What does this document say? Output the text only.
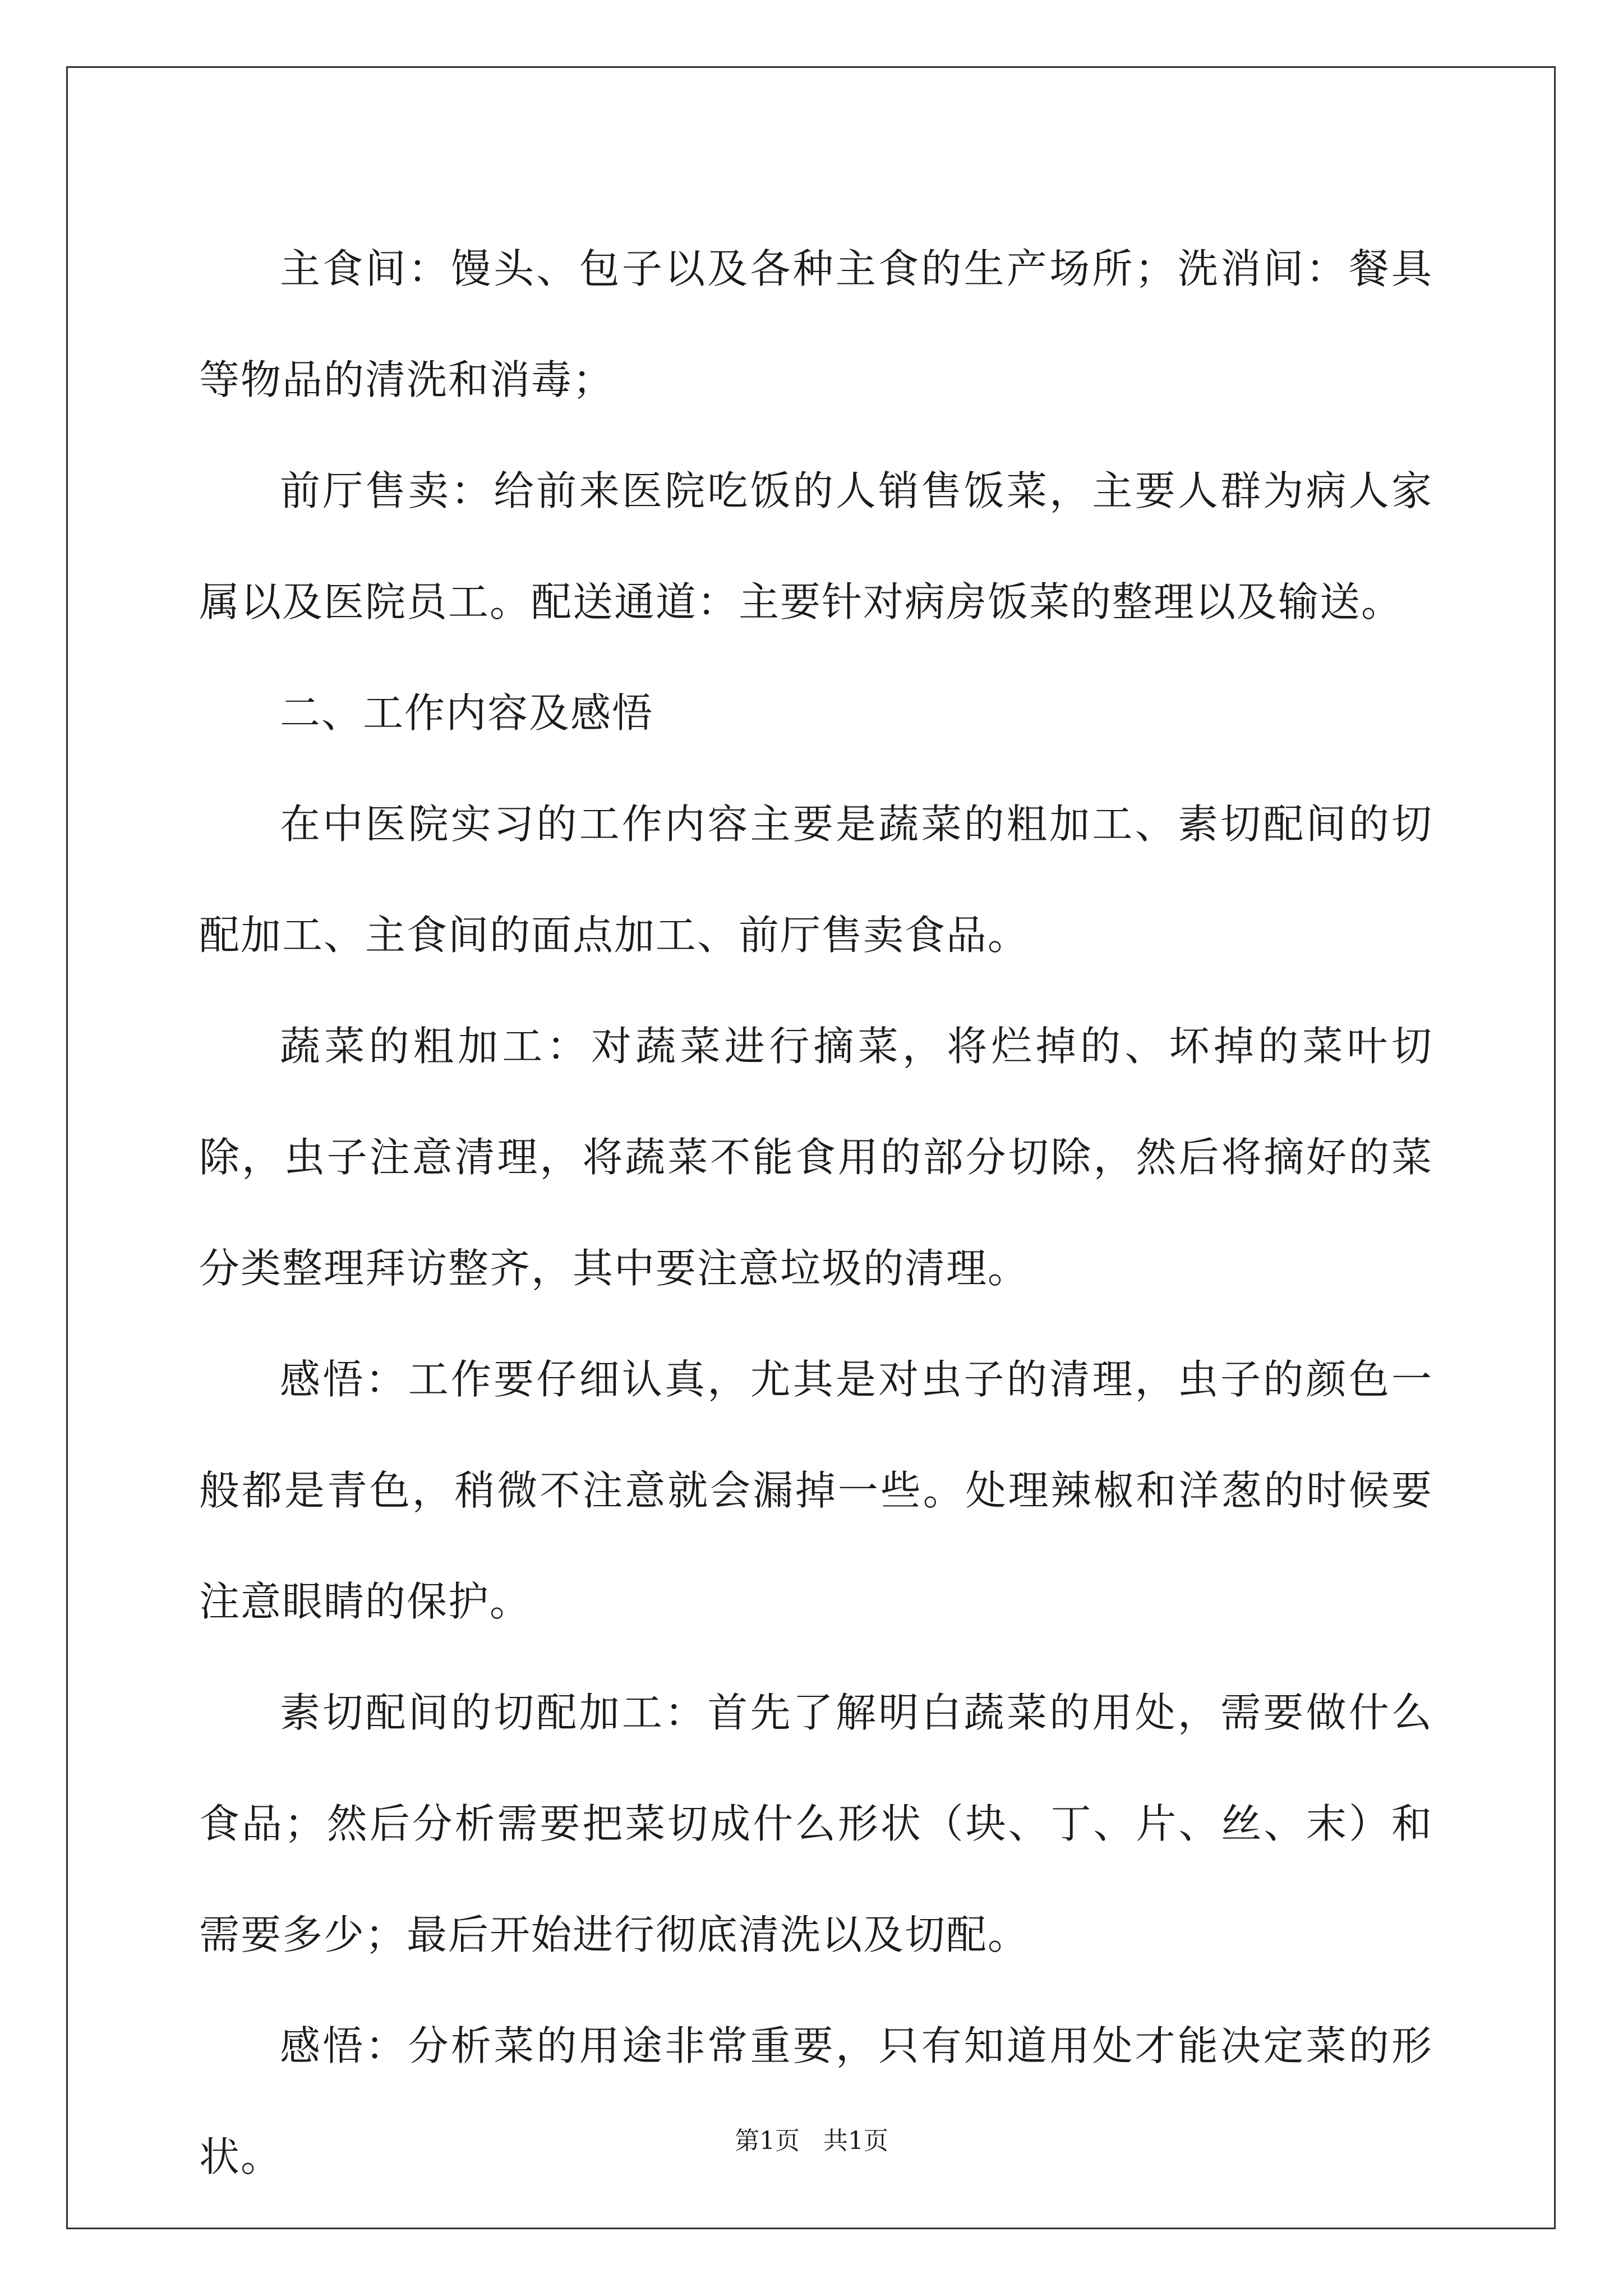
主食间：馒头、包子以及各种主食的生产场所；洗消间：餐具等物品的清洗和消毒；

前厅售卖：给前来医院吃饭的人销售饭菜，主要人群为病人家属以及医院员工。配送通道：主要针对病房饭菜的整理以及输送。

二、工作内容及感悟

在中医院实习的工作内容主要是蔬菜的粗加工、素切配间的切配加工、主食间的面点加工、前厅售卖食品。

蔬菜的粗加工：对蔬菜进行摘菜，将烂掉的、坏掉的菜叶切除，虫子注意清理，将蔬菜不能食用的部分切除，然后将摘好的菜分类整理拜访整齐，其中要注意垃圾的清理。

感悟：工作要仔细认真，尤其是对虫子的清理，虫子的颜色一般都是青色，稍微不注意就会漏掉一些。处理辣椒和洋葱的时候要注意眼睛的保护。

素切配间的切配加工：首先了解明白蔬菜的用处，需要做什么食品；然后分析需要把菜切成什么形状（块、丁、片、丝、末）和需要多少；最后开始进行彻底清洗以及切配。

感悟：分析菜的用途非常重要，只有知道用处才能决定菜的形状。	第1页   共1页
